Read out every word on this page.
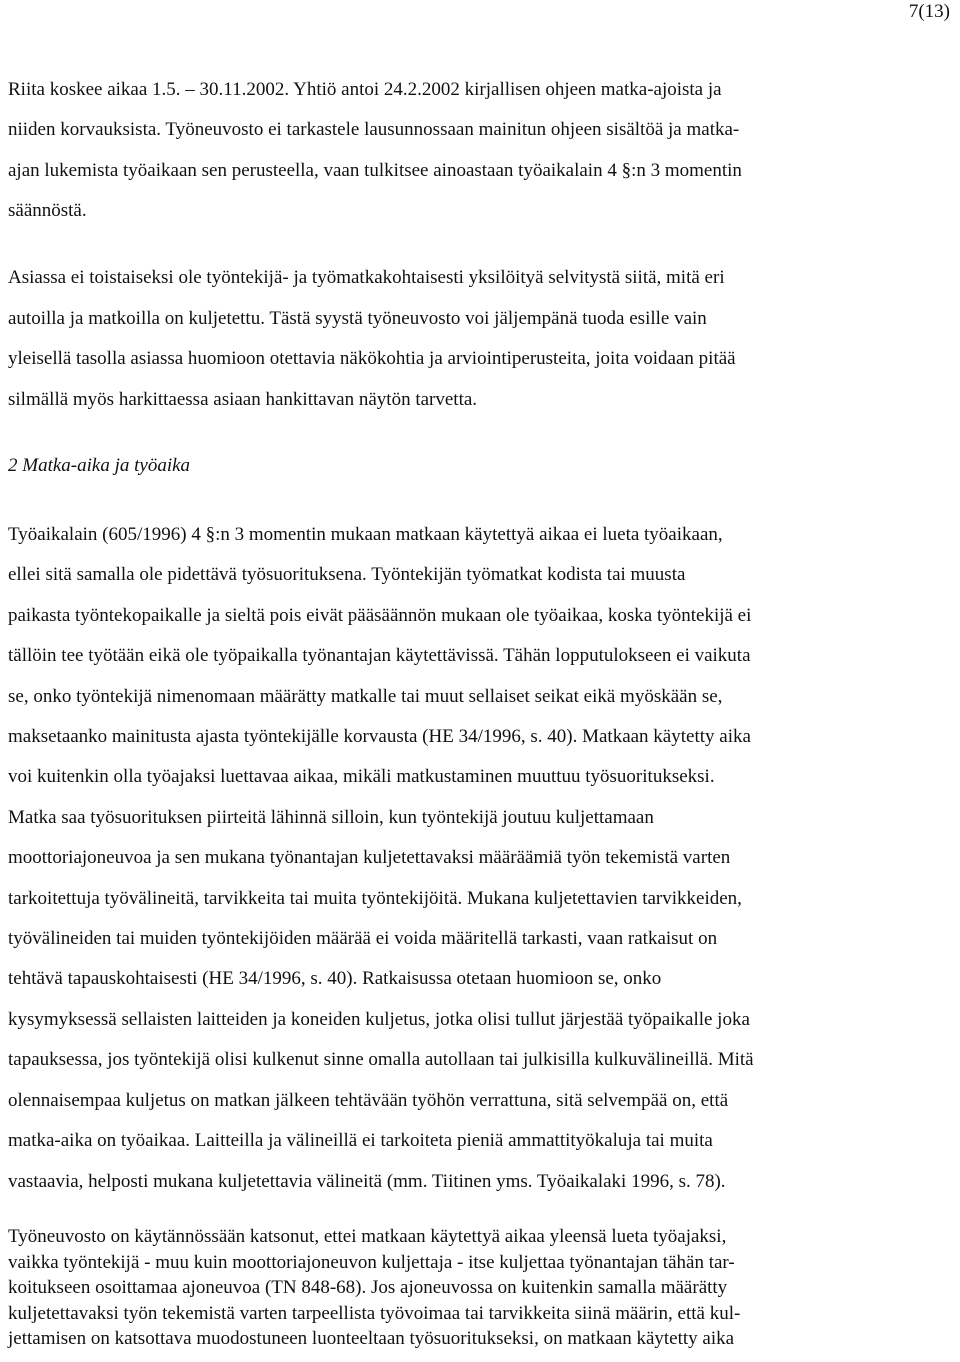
7(13)
Riita koskee aikaa 1.5. – 30.11.2002. Yhtiö antoi 24.2.2002 kirjallisen ohjeen matka-ajoista ja
niiden korvauksista. Työneuvosto ei tarkastele lausunnossaan mainitun ohjeen sisältöä ja matka-
ajan lukemista työaikaan sen perusteella, vaan tulkitsee ainoastaan työaikalain 4 §:n 3 momentin
säännöstä.
Asiassa ei toistaiseksi ole työntekijä- ja työmatkakohtaisesti yksilöityä selvitystä siitä, mitä eri
autoilla ja matkoilla on kuljetettu. Tästä syystä työneuvosto voi jäljempänä tuoda esille vain
yleisellä tasolla asiassa huomioon otettavia näkökohtia ja arviointiperusteita, joita voidaan pitää
silmällä myös harkittaessa asiaan hankittavan näytön tarvetta.
2 Matka-aika ja työaika
Työaikalain (605/1996) 4 §:n 3 momentin mukaan matkaan käytettyä aikaa ei lueta työaikaan,
ellei sitä samalla ole pidettävä työsuorituksena. Työntekijän työmatkat kodista tai muusta
paikasta työntekopaikalle ja sieltä pois eivät pääsäännön mukaan ole työaikaa, koska työntekijä ei
tällöin tee työtään eikä ole työpaikalla työnantajan käytettävissä. Tähän lopputulokseen ei vaikuta
se, onko työntekijä nimenomaan määrätty matkalle tai muut sellaiset seikat eikä myöskään se,
maksetaanko mainitusta ajasta työntekijälle korvausta (HE 34/1996, s. 40). Matkaan käytetty aika
voi kuitenkin olla työajaksi luettavaa aikaa, mikäli matkustaminen muuttuu työsuoritukseksi.
Matka saa työsuorituksen piirteitä lähinnä silloin, kun työntekijä joutuu kuljettamaan
moottoriajoneuvoa ja sen mukana työnantajan kuljetettavaksi määräämiä työn tekemistä varten
tarkoitettuja työvälineitä, tarvikkeita tai muita työntekijöitä. Mukana kuljetettavien tarvikkeiden,
työvälineiden tai muiden työntekijöiden määrää ei voida määritellä tarkasti, vaan ratkaisut on
tehtävä tapauskohtaisesti (HE 34/1996, s. 40). Ratkaisussa otetaan huomioon se, onko
kysymyksessä sellaisten laitteiden ja koneiden kuljetus, jotka olisi tullut järjestää työpaikalle joka
tapauksessa, jos työntekijä olisi kulkenut sinne omalla autollaan tai julkisilla kulkuvälineillä. Mitä
olennaisempaa kuljetus on matkan jälkeen tehtävään työhön verrattuna, sitä selvempää on, että
matka-aika on työaikaa. Laitteilla ja välineillä ei tarkoiteta pieniä ammattityökaluja tai muita
vastaavia, helposti mukana kuljetettavia välineitä (mm. Tiitinen yms. Työaikalaki 1996, s. 78).
Työneuvosto on käytännössään katsonut, ettei matkaan käytettyä aikaa yleensä lueta työajaksi,
vaikka työntekijä - muu kuin moottoriajoneuvon kuljettaja - itse kuljettaa työnantajan tähän tar-
koitukseen osoittamaa ajoneuvoa (TN 848-68). Jos ajoneuvossa on kuitenkin samalla määrätty
kuljetettavaksi työn tekemistä varten tarpeellista työvoimaa tai tarvikkeita siinä määrin, että kul-
jettamisen on katsottava muodostuneen luonteeltaan työsuoritukseksi, on matkaan käytetty aika
